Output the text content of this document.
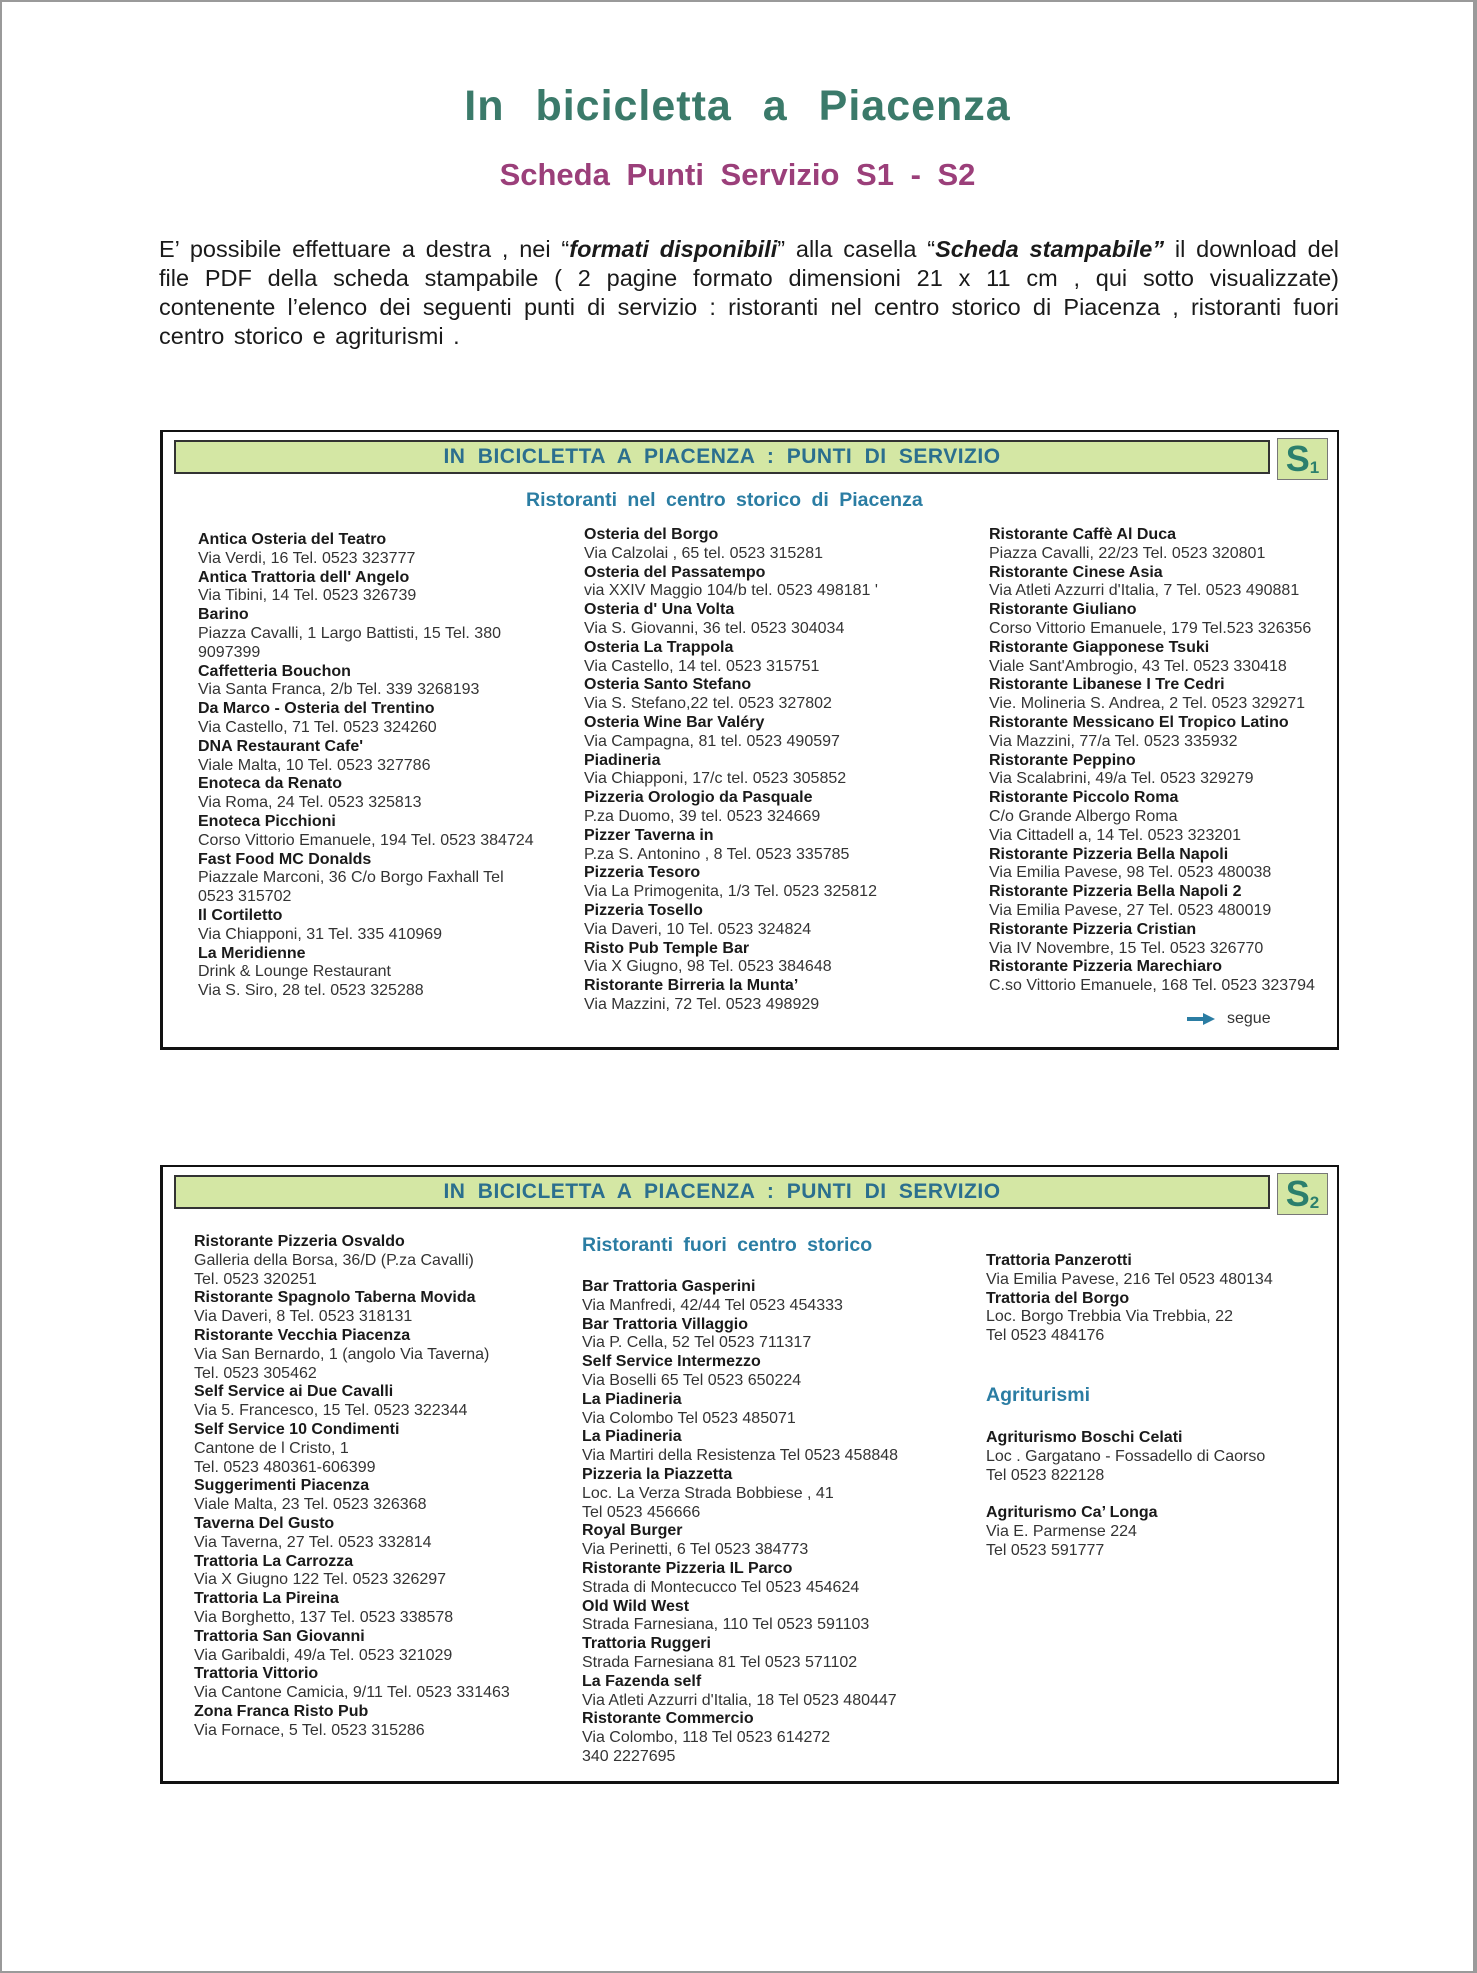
In bicicletta a Piacenza
Scheda Punti Servizio S1 - S2

E’ possibile effettuare a destra , nei “formati disponibili” alla casella “Scheda stampabile” il download del file PDF della scheda stampabile ( 2 pagine formato dimensioni 21 x 11 cm , qui sotto visualizzate) contenente l’elenco dei seguenti punti di servizio : ristoranti nel centro storico di Piacenza , ristoranti fuori centro storico e agriturismi .

IN BICICLETTA A PIACENZA : PUNTI DI SERVIZIO	S 1
Ristoranti nel centro storico di Piacenza
Antica Osteria del Teatro
Via Verdi, 16 Tel. 0523 323777
Antica Trattoria dell' Angelo
Via Tibini, 14 Tel. 0523 326739
Barino
Piazza Cavalli, 1 Largo Battisti, 15 Tel. 380
9097399
Caffetteria Bouchon
Via Santa Franca, 2/b Tel. 339 3268193
Da Marco - Osteria del Trentino
Via Castello, 71 Tel. 0523 324260
DNA Restaurant Cafe'
Viale Malta, 10 Tel. 0523 327786
Enoteca da Renato
Via Roma, 24 Tel. 0523 325813
Enoteca Picchioni
Corso Vittorio Emanuele, 194 Tel. 0523 384724
Fast Food MC Donalds
Piazzale Marconi, 36 C/o Borgo Faxhall Tel
0523 315702
Il Cortiletto
Via Chiapponi, 31 Tel. 335 410969
La Meridienne
Drink & Lounge Restaurant
Via S. Siro, 28 tel. 0523 325288
Osteria del Borgo
Via Calzolai , 65 tel. 0523 315281
Osteria del Passatempo
via XXIV Maggio 104/b tel. 0523 498181 '
Osteria d' Una Volta
Via S. Giovanni, 36 tel. 0523 304034
Osteria La Trappola
Via Castello, 14 tel. 0523 315751
Osteria Santo Stefano
Via S. Stefano,22 tel. 0523 327802
Osteria Wine Bar Valéry
Via Campagna, 81 tel. 0523 490597
Piadineria
Via Chiapponi, 17/c tel. 0523 305852
Pizzeria Orologio da Pasquale
P.za Duomo, 39 tel. 0523 324669
Pizzer Taverna in
P.za S. Antonino , 8 Tel. 0523 335785
Pizzeria Tesoro
Via La Primogenita, 1/3 Tel. 0523 325812
Pizzeria Tosello
Via Daveri, 10 Tel. 0523 324824
Risto Pub Temple Bar
Via X Giugno, 98 Tel. 0523 384648
Ristorante Birreria la Munta’
Via Mazzini, 72 Tel. 0523 498929
Ristorante Caffè Al Duca
Piazza Cavalli, 22/23 Tel. 0523 320801
Ristorante Cinese Asia
Via Atleti Azzurri d'Italia, 7 Tel. 0523 490881
Ristorante Giuliano
Corso Vittorio Emanuele, 179 Tel.523 326356
Ristorante Giapponese Tsuki
Viale Sant'Ambrogio, 43 Tel. 0523 330418
Ristorante Libanese I Tre Cedri
Vie. Molineria S. Andrea, 2 Tel. 0523 329271
Ristorante Messicano El Tropico Latino
Via Mazzini, 77/a Tel. 0523 335932
Ristorante Peppino
Via Scalabrini, 49/a Tel. 0523 329279
Ristorante Piccolo Roma
C/o Grande Albergo Roma
Via Cittadell a, 14 Tel. 0523 323201
Ristorante Pizzeria Bella Napoli
Via Emilia Pavese, 98 Tel. 0523 480038
Ristorante Pizzeria Bella Napoli 2
Via Emilia Pavese, 27 Tel. 0523 480019
Ristorante Pizzeria Cristian
Via IV Novembre, 15 Tel. 0523 326770
Ristorante Pizzeria Marechiaro
C.so Vittorio Emanuele, 168 Tel. 0523 323794
segue
IN BICICLETTA A PIACENZA : PUNTI DI SERVIZIO	S 2
Ristorante Pizzeria Osvaldo
Galleria della Borsa, 36/D (P.za Cavalli)
Tel. 0523 320251
Ristorante Spagnolo Taberna Movida
Via Daveri, 8 Tel. 0523 318131
Ristorante Vecchia Piacenza
Via San Bernardo, 1 (angolo Via Taverna)
Tel. 0523 305462
Self Service ai Due Cavalli
Via 5. Francesco, 15 Tel. 0523 322344
Self Service 10 Condimenti
Cantone de l Cristo, 1
Tel. 0523 480361-606399
Suggerimenti Piacenza
Viale Malta, 23 Tel. 0523 326368
Taverna Del Gusto
Via Taverna, 27 Tel. 0523 332814
Trattoria La Carrozza
Via X Giugno 122 Tel. 0523 326297
Trattoria La Pireina
Via Borghetto, 137 Tel. 0523 338578
Trattoria San Giovanni
Via Garibaldi, 49/a Tel. 0523 321029
Trattoria Vittorio
Via Cantone Camicia, 9/11 Tel. 0523 331463
Zona Franca Risto Pub
Via Fornace, 5 Tel. 0523 315286
Ristoranti fuori centro storico
Bar Trattoria Gasperini
Via Manfredi, 42/44 Tel 0523 454333
Bar Trattoria Villaggio
Via P. Cella, 52 Tel 0523 711317
Self Service Intermezzo
Via Boselli 65 Tel 0523 650224
La Piadineria
Via Colombo Tel 0523 485071
La Piadineria
Via Martiri della Resistenza Tel 0523 458848
Pizzeria la Piazzetta
Loc. La Verza Strada Bobbiese , 41
Tel 0523 456666
Royal Burger
Via Perinetti, 6 Tel 0523 384773
Ristorante Pizzeria IL Parco
Strada di Montecucco Tel 0523 454624
Old Wild West
Strada Farnesiana, 110 Tel 0523 591103
Trattoria Ruggeri
Strada Farnesiana 81 Tel 0523 571102
La Fazenda self
Via Atleti Azzurri d'Italia, 18 Tel 0523 480447
Ristorante Commercio
Via Colombo, 118 Tel 0523 614272
340 2227695
Trattoria Panzerotti
Via Emilia Pavese, 216 Tel 0523 480134
Trattoria del Borgo
Loc. Borgo Trebbia Via Trebbia, 22
Tel 0523 484176
Agriturismi
Agriturismo Boschi Celati
Loc . Gargatano - Fossadello di Caorso
Tel 0523 822128
Agriturismo Ca’ Longa
Via E. Parmense 224
Tel 0523 591777
